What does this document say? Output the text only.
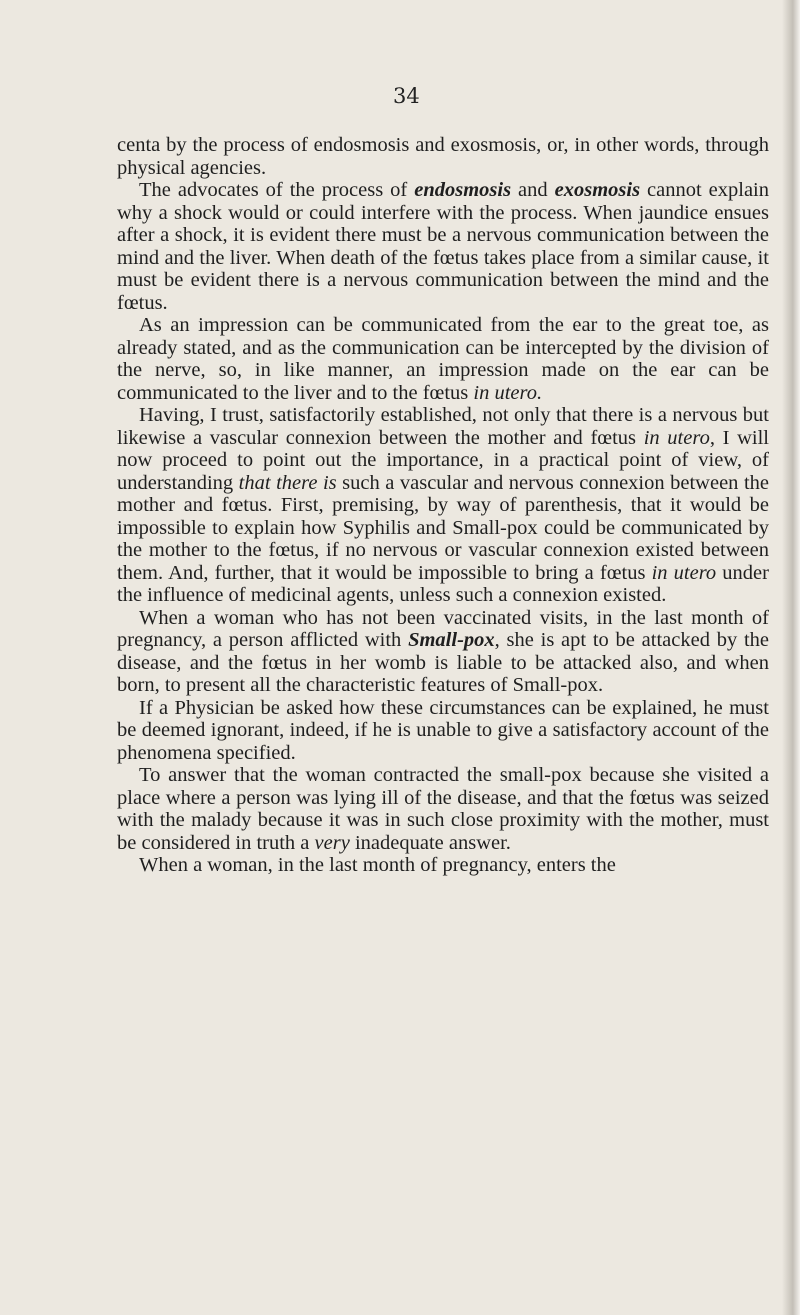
34

centa by the process of endosmosis and exosmosis, or, in other words, through physical agencies.

The advocates of the process of endosmosis and exosmosis cannot explain why a shock would or could interfere with the process. When jaundice ensues after a shock, it is evident there must be a nervous communication between the mind and the liver. When death of the fœtus takes place from a similar cause, it must be evident there is a nervous communication between the mind and the fœtus.

As an impression can be communicated from the ear to the great toe, as already stated, and as the communication can be intercepted by the division of the nerve, so, in like manner, an impression made on the ear can be communicated to the liver and to the fœtus in utero.

Having, I trust, satisfactorily established, not only that there is a nervous but likewise a vascular connexion between the mother and fœtus in utero, I will now proceed to point out the importance, in a practical point of view, of understanding that there is such a vascular and nervous connexion between the mother and fœtus. First, premising, by way of parenthesis, that it would be impossible to explain how Syphilis and Small-pox could be communicated by the mother to the fœtus, if no nervous or vascular connexion existed between them. And, further, that it would be impossible to bring a fœtus in utero under the influence of medicinal agents, unless such a connexion existed.

When a woman who has not been vaccinated visits, in the last month of pregnancy, a person afflicted with Small-pox, she is apt to be attacked by the disease, and the fœtus in her womb is liable to be attacked also, and when born, to present all the characteristic features of Small-pox.

If a Physician be asked how these circumstances can be explained, he must be deemed ignorant, indeed, if he is unable to give a satisfactory account of the phenomena specified.

To answer that the woman contracted the small-pox because she visited a place where a person was lying ill of the disease, and that the fœtus was seized with the malady because it was in such close proximity with the mother, must be considered in truth a very inadequate answer.

When a woman, in the last month of pregnancy, enters the
